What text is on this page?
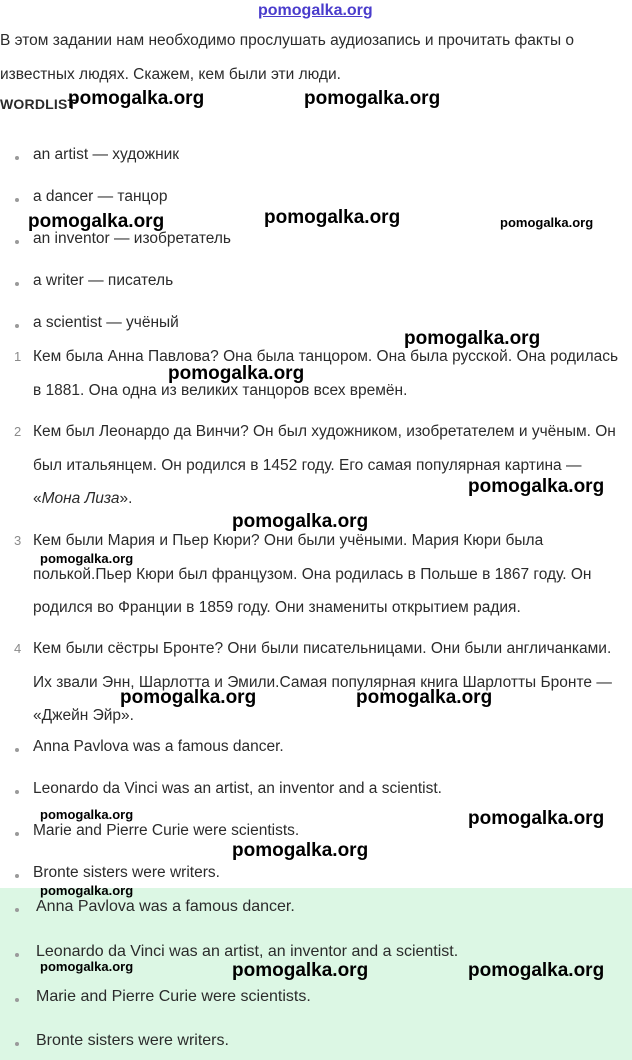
pomogalka.org

В этом задании нам необходимо прослушать аудиозапись и прочитать факты о известных людях. Скажем, кем были эти люди.

WORDLIST
an artist — художник
a dancer — танцор
an inventor — изобретатель
a writer — писатель
a scientist — учёный
1 Кем была Анна Павлова? Она была танцором. Она была русской. Она родилась в 1881. Она одна из великих танцоров всех времён.
2 Кем был Леонардо да Винчи? Он был художником, изобретателем и учёным. Он был итальянцем. Он родился в 1452 году. Его самая популярная картина — «Мона Лиза».
3 Кем были Мария и Пьер Кюри? Они были учёными. Мария Кюри была полькой.Пьер Кюри был французом. Она родилась в Польше в 1867 году. Он родился во Франции в 1859 году. Они знамениты открытием радия.
4 Кем были сёстры Бронте? Они были писательницами. Они были англичанками. Их звали Энн, Шарлотта и Эмили.Самая популярная книга Шарлотты Бронте — «Джейн Эйр».
Anna Pavlova was a famous dancer.
Leonardo da Vinci was an artist, an inventor and a scientist.
Marie and Pierre Curie were scientists.
Bronte sisters were writers.
Anna Pavlova was a famous dancer.
Leonardo da Vinci was an artist, an inventor and a scientist.
Marie and Pierre Curie were scientists.
Bronte sisters were writers.
pomogalka.org	pomogalka.org
pomogalka.org	pomogalka.org	pomogalka.org
pomogalka.org
pomogalka.org
pomogalka.org
pomogalka.org
pomogalka.org
pomogalka.org	pomogalka.org
pomogalka.org	pomogalka.org
pomogalka.org
pomogalka.org
pomogalka.org	pomogalka.org	pomogalka.org
